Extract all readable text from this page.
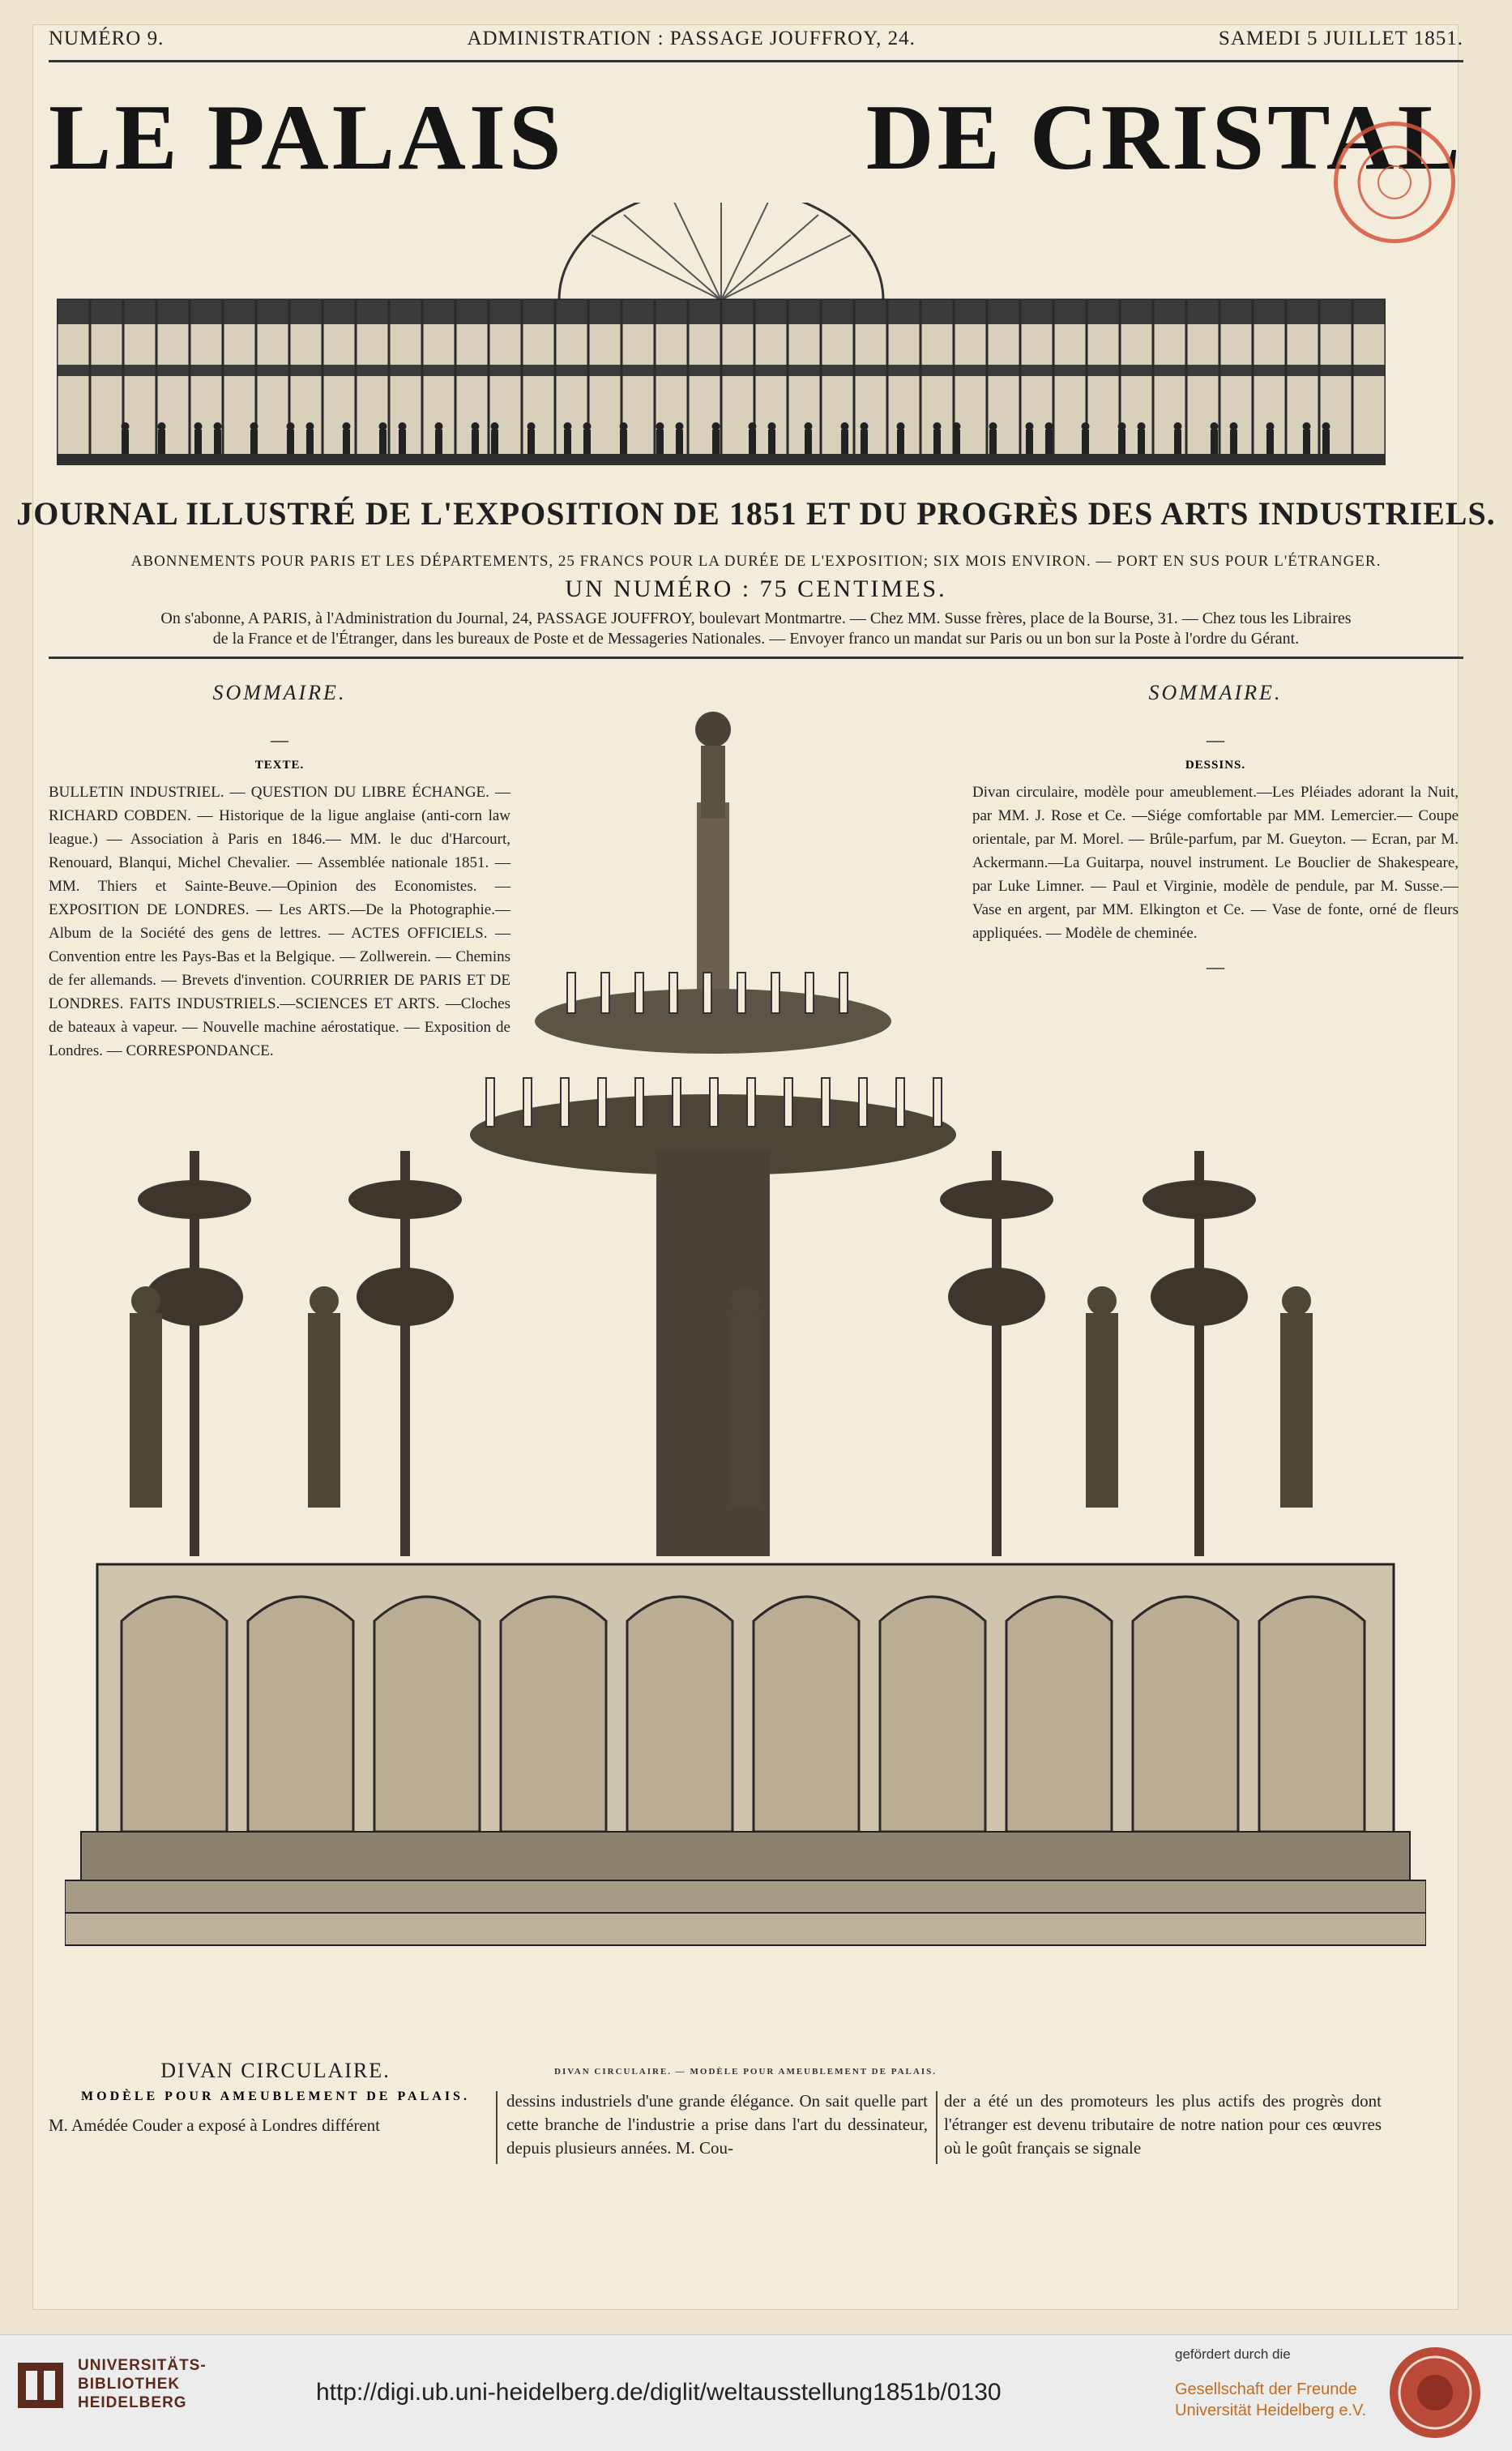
NUMÉRO 9.	ADMINISTRATION : PASSAGE JOUFFROY, 24.	SAMEDI 5 JUILLET 1851.
LE PALAIS	DE CRISTAL
JOURNAL ILLUSTRÉ DE L'EXPOSITION DE 1851 ET DU PROGRÈS DES ARTS INDUSTRIELS.
ABONNEMENTS POUR PARIS ET LES DÉPARTEMENTS, 25 FRANCS POUR LA DURÉE DE L'EXPOSITION; SIX MOIS ENVIRON. — PORT EN SUS POUR L'ÉTRANGER.
UN NUMÉRO : 75 CENTIMES.
On s'abonne, A PARIS, à l'Administration du Journal, 24, PASSAGE JOUFFROY, boulevart Montmartre. — Chez MM. Susse frères, place de la Bourse, 31. — Chez tous les Libraires
de la France et de l'Étranger, dans les bureaux de Poste et de Messageries Nationales. — Envoyer franco un mandat sur Paris ou un bon sur la Poste à l'ordre du Gérant.
SOMMAIRE.
—
TEXTE.
BULLETIN INDUSTRIEL. — QUESTION DU LIBRE ÉCHANGE. — RICHARD COBDEN. — Historique de la ligue anglaise (anti-corn law league.) — Association à Paris en 1846.— MM. le duc d'Harcourt, Renouard, Blanqui, Michel Chevalier. — Assemblée nationale 1851. — MM. Thiers et Sainte-Beuve.—Opinion des Economistes. — EXPOSITION DE LONDRES. — Les ARTS.—De la Photographie.—Album de la Société des gens de lettres. — ACTES OFFICIELS. — Convention entre les Pays-Bas et la Belgique. — Zollwerein. — Chemins de fer allemands. — Brevets d'invention. COURRIER DE PARIS ET DE LONDRES. FAITS INDUSTRIELS.—SCIENCES ET ARTS. —Cloches de bateaux à vapeur. — Nouvelle machine aérostatique. — Exposition de Londres. — CORRESPONDANCE.
SOMMAIRE.
—
DESSINS.
Divan circulaire, modèle pour ameublement.—Les Pléiades adorant la Nuit, par MM. J. Rose et Ce. —Siége comfortable par MM. Lemercier.— Coupe orientale, par M. Morel. — Brûle-parfum, par M. Gueyton. — Ecran, par M. Ackermann.—La Guitarpa, nouvel instrument. Le Bouclier de Shakespeare, par Luke Limner. — Paul et Virginie, modèle de pendule, par M. Susse.—Vase en argent, par MM. Elkington et Ce. — Vase de fonte, orné de fleurs appliquées. — Modèle de cheminée.
—
DIVAN CIRCULAIRE. — MODÈLE POUR AMEUBLEMENT DE PALAIS.
DIVAN CIRCULAIRE.
MODÈLE POUR AMEUBLEMENT DE PALAIS.
M. Amédée Couder a exposé à Londres différent
dessins industriels d'une grande élégance. On sait quelle part cette branche de l'industrie a prise dans l'art du dessinateur, depuis plusieurs années. M. Cou-
der a été un des promoteurs les plus actifs des progrès dont l'étranger est devenu tributaire de notre nation pour ces œuvres où le goût français se signale
UNIVERSITÄTS-
BIBLIOTHEK
HEIDELBERG	http://digi.ub.uni-heidelberg.de/diglit/weltausstellung1851b/0130
gefördert durch die
Gesellschaft der Freunde
Universität Heidelberg e.V.
